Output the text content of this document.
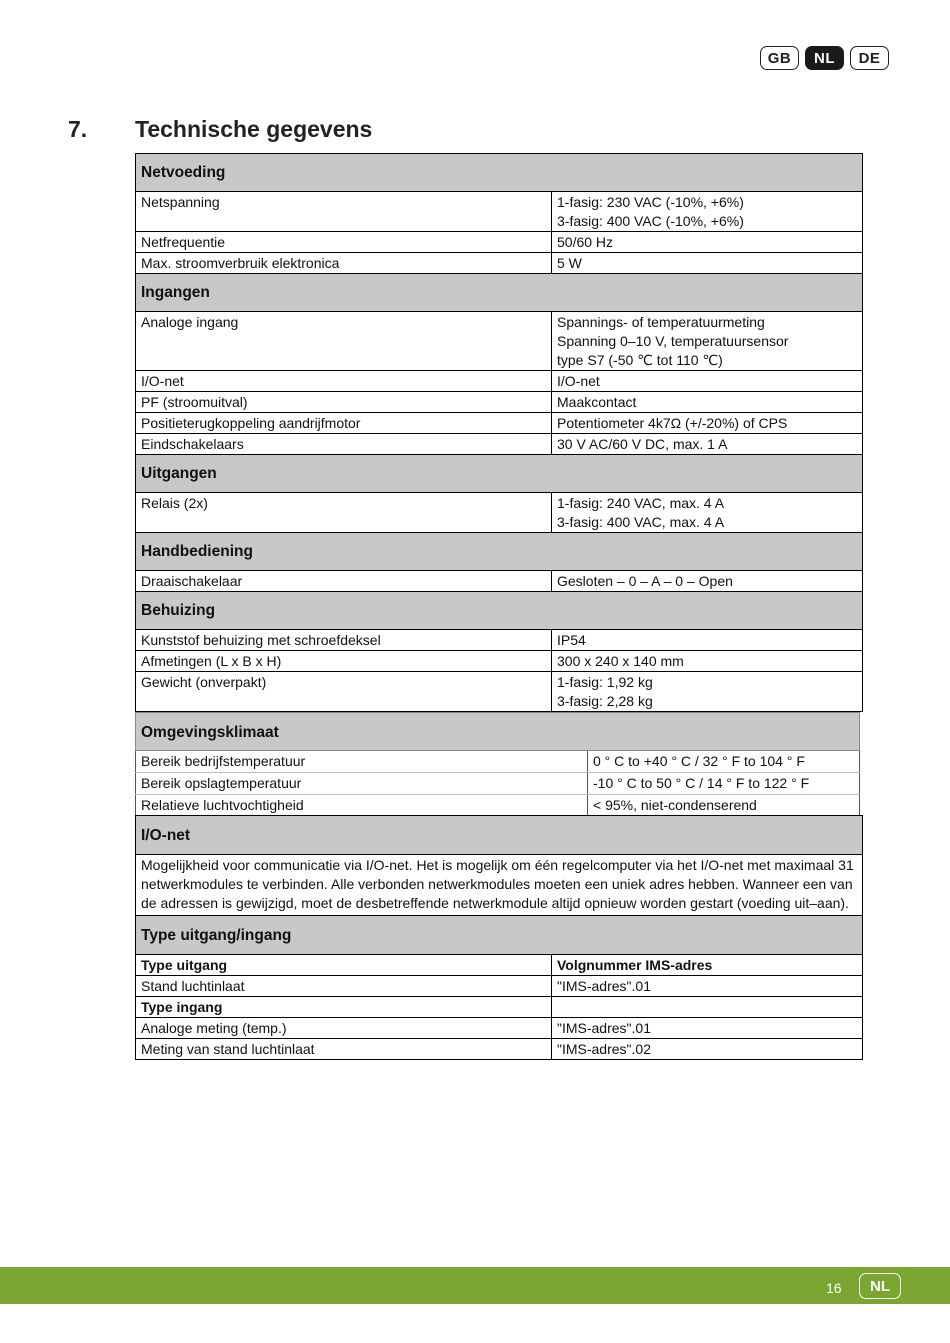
GB	NL	DE
7. Technische gegevens
Netvoeding	
Netspanning	1-fasig: 230 VAC (-10%, +6%)
3-fasig: 400 VAC (-10%, +6%)
Netfrequentie	50/60 Hz
Max. stroomverbruik elektronica	5 W
Ingangen	
Analoge ingang	Spannings- of temperatuurmeting
Spanning 0–10 V, temperatuursensor
type S7 (-50 ℃ tot 110 ℃)
I/O-net	I/O-net
PF (stroomuitval)	Maakcontact
Positieterugkoppeling aandrijfmotor	Potentiometer 4k7Ω (+/-20%) of CPS
Eindschakelaars	30 V AC/60 V DC, max. 1 A
Uitgangen	
Relais (2x)	1-fasig: 240 VAC, max. 4 A
3-fasig: 400 VAC, max. 4 A
Handbediening	
Draaischakelaar	Gesloten – 0 – A – 0 – Open
Behuizing	
Kunststof behuizing met schroefdeksel	IP54
Afmetingen (L x B x H)	300 x 240 x 140 mm
Gewicht (onverpakt)	1-fasig: 1,92 kg
3-fasig: 2,28 kg
Omgevingsklimaat	
Bereik bedrijfstemperatuur	0 ° C to +40 ° C / 32 ° F to 104 ° F
Bereik opslagtemperatuur	-10 ° C to 50 ° C / 14 ° F to 122 ° F
Relatieve luchtvochtigheid	< 95%, niet-condenserend
I/O-net	
Mogelijkheid voor communicatie via I/O-net. Het is mogelijk om één regelcomputer via het I/O-net met maximaal 31 netwerkmodules te verbinden. Alle verbonden netwerkmodules moeten een uniek adres hebben. Wanneer een van de adressen is gewijzigd, moet de desbetreffende netwerkmodule altijd opnieuw worden gestart (voeding uit–aan).	
Type uitgang/ingang	
Type uitgang	Volgnummer IMS-adres
Stand luchtinlaat	"IMS-adres".01
Type ingang	
Analoge meting (temp.)	"IMS-adres".01
Meting van stand luchtinlaat	"IMS-adres".02
16	NL
